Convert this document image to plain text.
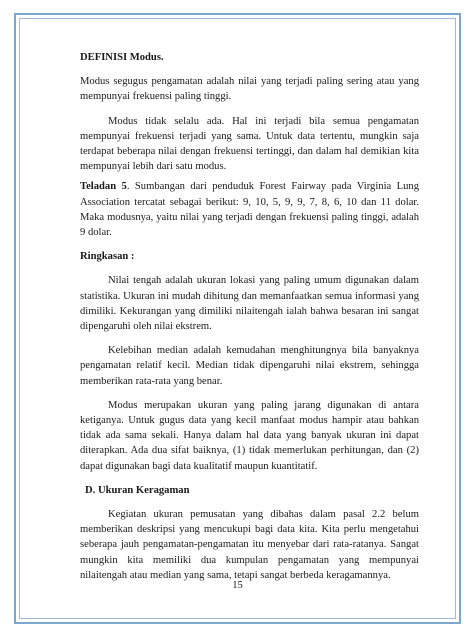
DEFINISI Modus.

Modus segugus pengamatan adalah nilai yang terjadi paling sering atau yang mempunyai frekuensi paling tinggi.

Modus tidak selalu ada. Hal ini terjadi bila semua pengamatan mempunyai frekuensi terjadi yang sama. Untuk data tertentu, mungkin saja terdapat beberapa nilai dengan frekuensi tertinggi, dan dalam hal demikian kita mempunyai lebih dari satu modus.

Teladan 5. Sumbangan dari penduduk Forest Fairway pada Virginia Lung Association tercatat sebagai berikut: 9, 10, 5, 9, 9, 7, 8, 6, 10 dan 11 dolar. Maka modusnya, yaitu nilai yang terjadi dengan frekuensi paling tinggi, adalah 9 dolar.

Ringkasan :

Nilai tengah adalah ukuran lokasi yang paling umum digunakan dalam statistika. Ukuran ini mudah dihitung dan memanfaatkan semua informasi yang dimiliki. Kekurangan yang dimiliki nilaitengah ialah bahwa besaran ini sangat dipengaruhi oleh nilai ekstrem.

Kelebihan median adalah kemudahan menghitungnya bila banyaknya pengamatan relatif kecil. Median tidak dipengaruhi nilai ekstrem, sehingga memberikan rata-rata yang benar.

Modus merupakan ukuran yang paling jarang digunakan di antara ketiganya. Untuk gugus data yang kecil manfaat modus hampir atau bahkan tidak ada sama sekali. Hanya dalam hal data yang banyak ukuran ini dapat diterapkan. Ada dua sifat baiknya, (1) tidak memerlukan perhitungan, dan (2) dapat digunakan bagi data kualitatif maupun kuantitatif.

D. Ukuran Keragaman

Kegiatan ukuran pemusatan yang dibahas dalam pasal 2.2 belum memberikan deskripsi yang mencukupi bagi data kita. Kita perlu mengetahui seberapa jauh pengamatan-pengamatan itu menyebar dari rata-ratanya. Sangat mungkin kita memiliki dua kumpulan pengamatan yang mempunyai nilaitengah atau median yang sama, tetapi sangat berbeda keragamannya.

15
